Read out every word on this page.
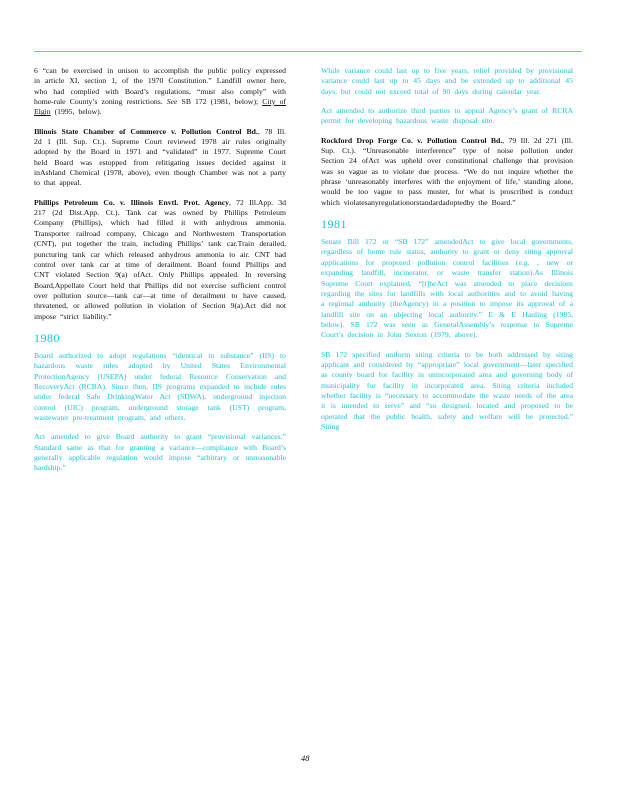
6 “can be exercised in unison to accomplish the public policy expressed in article XI, section 1, of the 1970 Constitution.” Landfill owner here, who had complied with Board’s regulations, “must also comply” with home-rule County’s zoning restrictions. See SB 172 (1981, below); City of Elgin (1995, below).

Illinois State Chamber of Commerce v. Pollution Control Bd., 78 Ill. 2d 1 (Ill. Sup. Ct.). Supreme Court reviewed 1978 air rules originally adopted by the Board in 1971 and “validated” in 1977. Supreme Court held Board was estopped from relitigating issues decided against it inAshland Chemical (1978, above), even though Chamber was not a party to that appeal.

Phillips Petroleum Co. v. Illinois Envtl. Prot. Agency, 72 Ill.App. 3d 217 (2d Dist.App. Ct.). Tank car was owned by Phillips Petroleum Company (Phillips), which had filled it with anhydrous ammonia. Transporter railroad company, Chicago and Northwestern Transportation (CNT), put together the train, including Phillips’ tank car.Train derailed, puncturing tank car which released anhydrous ammonia to air. CNT had control over tank car at time of derailment. Board found Phillips and CNT violated Section 9(a) ofAct. Only Phillips appealed. In reversing Board,Appellate Court held that Phillips did not exercise sufficient control over pollution source—tank car—at time of derailment to have caused, threatened, or allowed pollution in violation of Section 9(a).Act did not impose “strict liability.”

1980

Board authorized to adopt regulations “identical in substance” (IIS) to hazardous waste rules adopted by United States Environmental ProtectionAgency (USEPA) under federal Resource Conservation and RecoveryAct (RCRA). Since then, IIS programs expanded to include rules under federal Safe DrinkingWater Act (SDWA), underground injection control (UIC) program, underground storage tank (UST) program, wastewater pre-treatment program, and others.

Act amended to give Board authority to grant “provisional variances.” Standard same as that for granting a variance—compliance with Board’s generally applicable regulation would impose “arbitrary or unreasonable hardship.”

While variance could last up to five years, relief provided by provisional variance could last up to 45 days and be extended up to additional 45 days, but could not exceed total of 90 days during calendar year.

Act amended to authorize third parties to appeal Agency’s grant of RCRA permit for developing hazardous waste disposal site.

Rockford Drop Forge Co. v. Pollution Control Bd., 79 Ill. 2d 271 (Ill. Sup. Ct.). “Unreasonable interference” type of noise pollution under Section 24 ofAct was upheld over constitutional challenge that provision was so vague as to violate due process. “We do not inquire whether the phrase ‘unreasonably interferes with the enjoyment of life,’ standing alone, would be too vague to pass muster, for what is proscribed is conduct which violatesanyregulationorstandardadoptedby the Board.”

1981

Senate Bill 172 or “SB 172” amendedAct to give local governments, regardless of home rule status, authority to grant or deny siting approval applications for proposed pollution control facilities (e.g. , new or expanding landfill, incinerator, or waste transfer station).As Illinois Supreme Court explained, “[t]heAct was amended to place decisions regarding the sites for landfills with local authorities and to avoid having a regional authority (theAgency) in a position to impose its approval of a landfill site on an objecting local authority.” E & E Hauling (1985, below). SB 172 was seen as GeneralAssembly’s response to Supreme Court’s decision in John Sexton (1979, above).

SB 172 specified uniform siting criteria to be both addressed by siting applicant and considered by “appropriate” local government—later specified as county board for facility in unincorporated area and governing body of municipality for facility in incorporated area. Siting criteria included whether facility is “necessary to accommodate the waste needs of the area it is intended to serve” and “so designed, located and proposed to be operated that the public health, safety and welfare will be protected.” Siting

48
